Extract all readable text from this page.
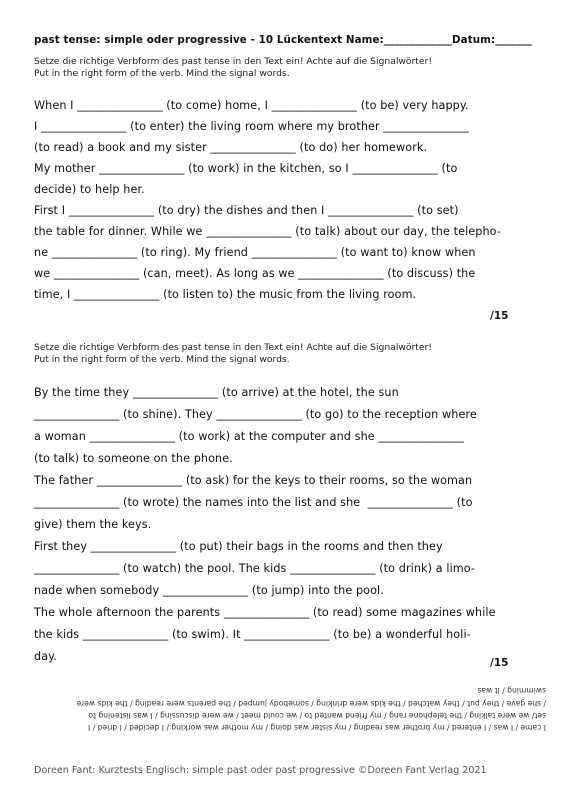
past tense: simple oder progressive - 10 Lückentext Name:_____________Datum:_______
Setze die richtige Verbform des past tense in den Text ein! Achte auf die Signalwörter!
Put in the right form of the verb. Mind the signal words.
When I _______________ (to come) home, I _______________ (to be) very happy.
I _______________ (to enter) the living room where my brother _______________
(to read) a book and my sister _______________ (to do) her homework.
My mother _______________ (to work) in the kitchen, so I _______________ (to
decide) to help her.
First I _______________ (to dry) the dishes and then I _______________ (to set)
the table for dinner. While we _______________ (to talk) about our day, the telepho-
ne _______________ (to ring). My friend _______________ (to want to) know when
we _______________ (can, meet). As long as we _______________ (to discuss) the
time, I _______________ (to listen to) the music from the living room.
/15
Setze die richtige Verbform des past tense in den Text ein! Achte auf die Signalwörter!
Put in the right form of the verb. Mind the signal words.
By the time they _______________ (to arrive) at the hotel, the sun
_______________ (to shine). They _______________ (to go) to the reception where
a woman _______________ (to work) at the computer and she _______________
(to talk) to someone on the phone.
The father _______________ (to ask) for the keys to their rooms, so the woman
_______________ (to wrote) the names into the list and she  _______________ (to
give) them the keys.
First they _______________ (to put) their bags in the rooms and then they
_______________ (to watch) the pool. The kids _______________ (to drink) a limo-
nade when somebody _______________ (to jump) into the pool.
The whole afternoon the parents _______________ (to read) some magazines while
the kids _______________ (to swim). It _______________ (to be) a wonderful holi-
day.	/15
I came / I was / I entered / my brother was reading / my sister was doing / my mother was working / I decided / I dried / I
set/ we were talking / the telephone rang / my friend wanted to / we could meet / we were discussing / I was listening to
/ she gave / they put / they watched / the kids were drinking / somebody jumped / the parents were reading / the kids were
swimming / it was
Doreen Fant: Kurztests Englisch: simple past oder past progressive ©Doreen Fant Verlag 2021
